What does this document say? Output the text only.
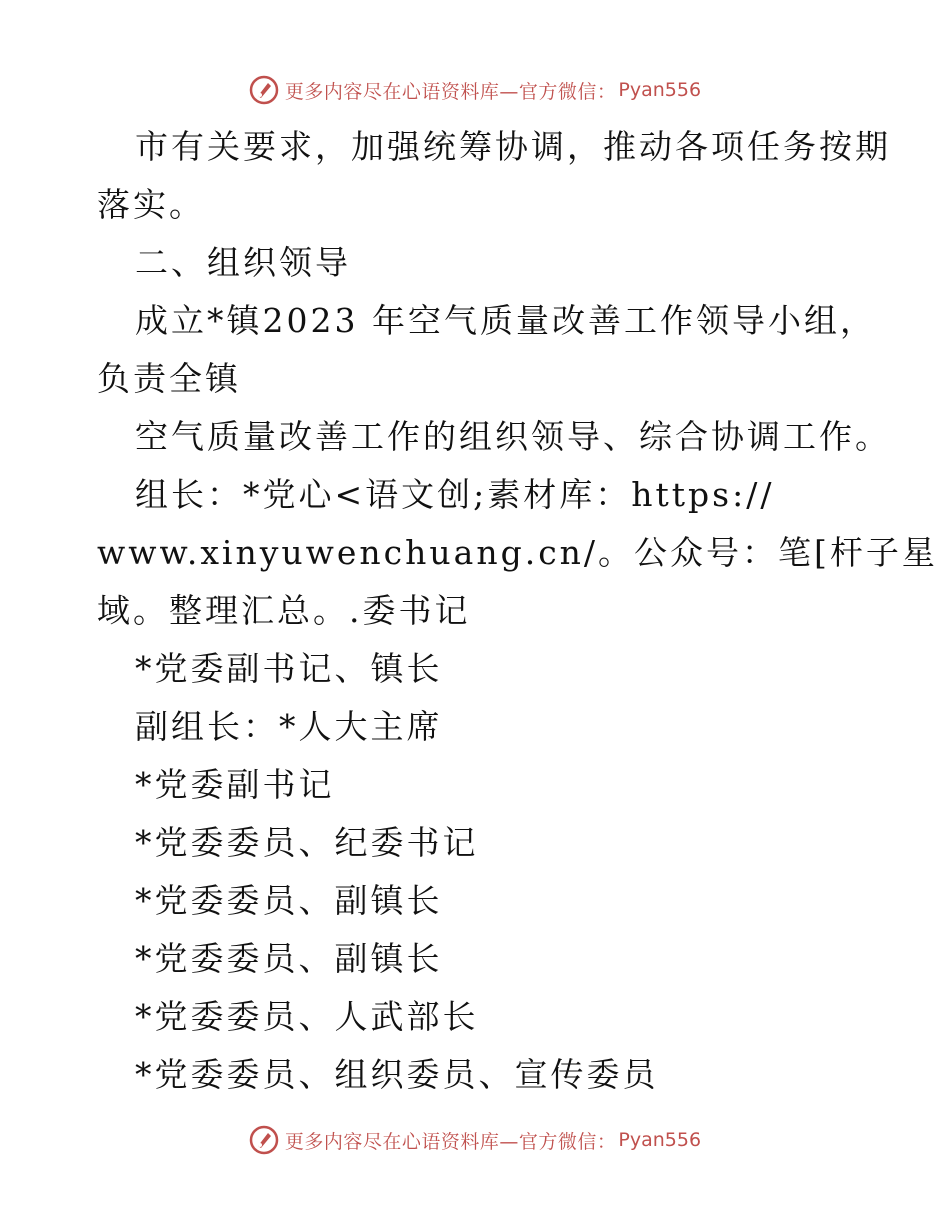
更多内容尽在心语资料库—官方微信： Pyan556
市有关要求，加强统筹协调，推动各项任务按期
落实。
二、组织领导
成立*镇2023 年空气质量改善工作领导小组，
负责全镇
空气质量改善工作的组织领导、综合协调工作。
组长：*党心<语文创;素材库：https://
www.xinyuwenchuang.cn/。公众号：笔[杆子星
域。整理汇总。.委书记
*党委副书记、镇长
副组长：*人大主席
*党委副书记
*党委委员、纪委书记
*党委委员、副镇长
*党委委员、副镇长
*党委委员、人武部长
*党委委员、组织委员、宣传委员
更多内容尽在心语资料库—官方微信： Pyan556
